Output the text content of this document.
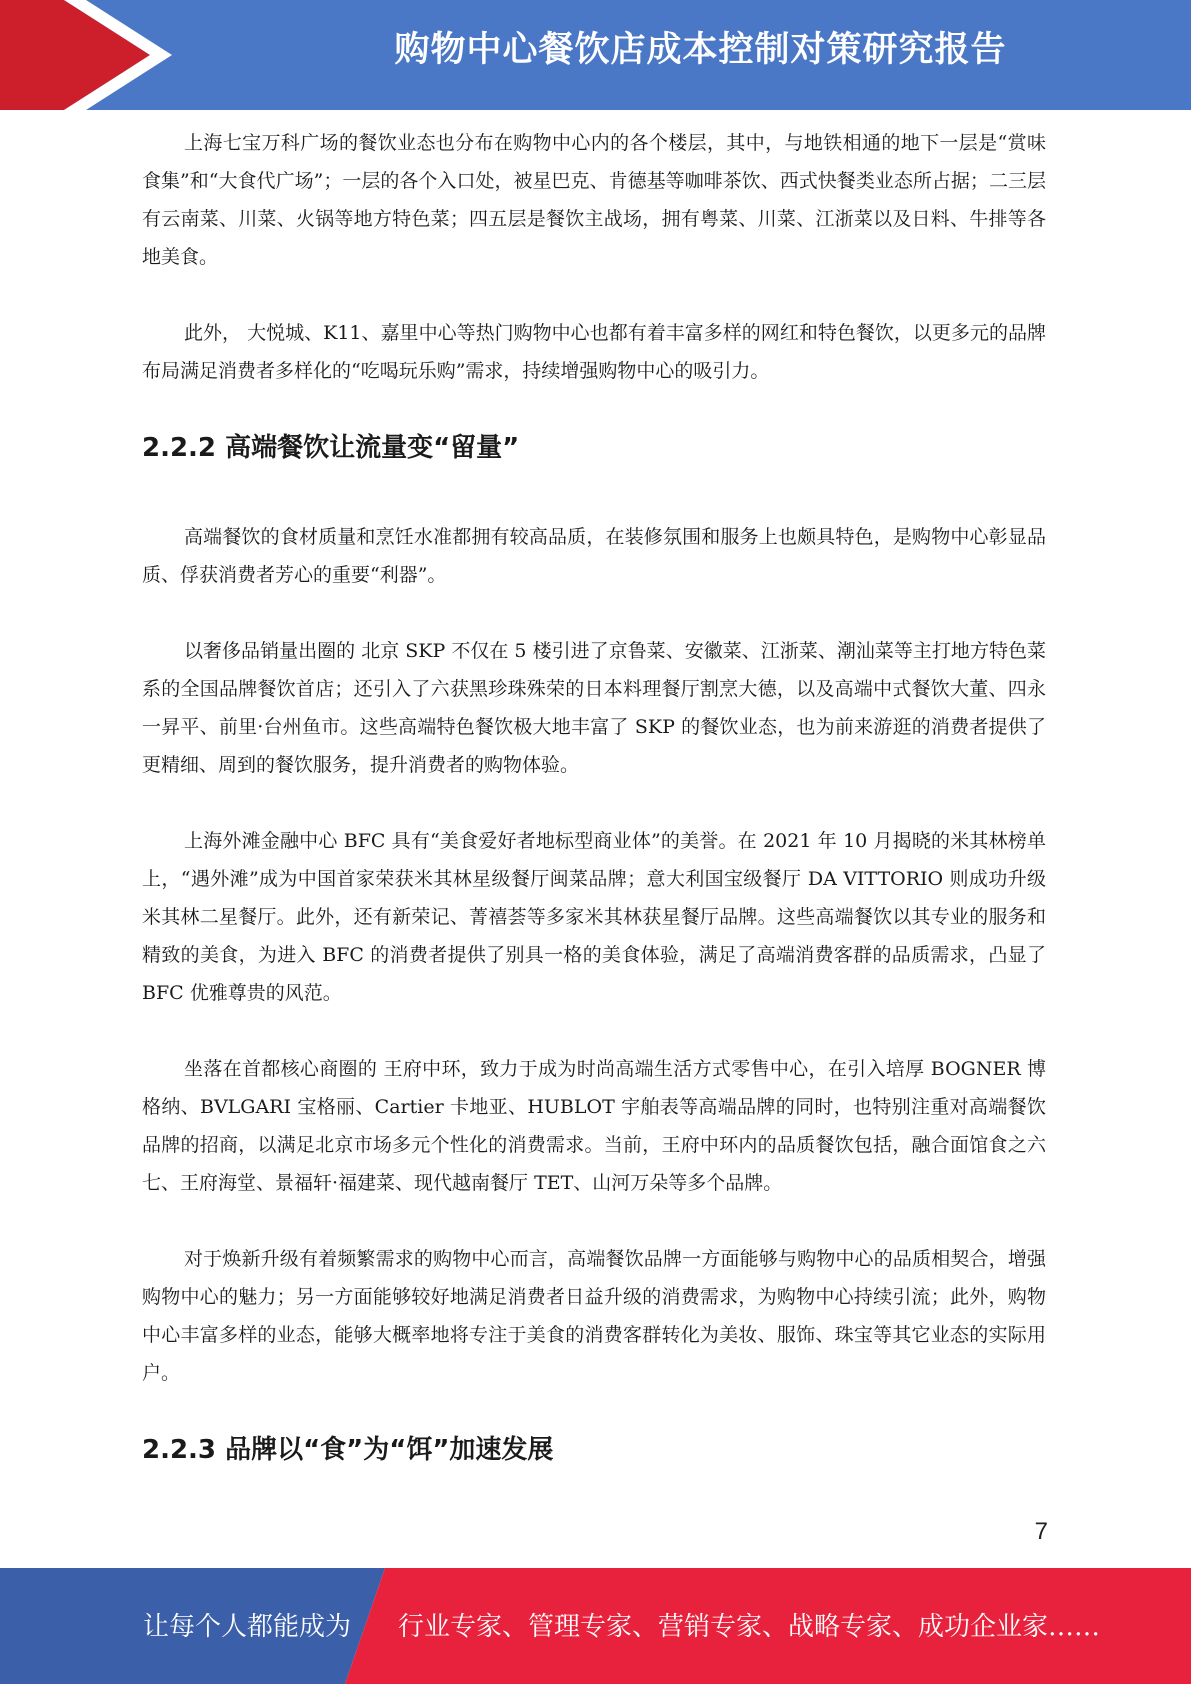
购物中心餐饮店成本控制对策研究报告

上海七宝万科广场的餐饮业态也分布在购物中心内的各个楼层，其中，与地铁相通的地下一层是“赏味食集”和“大食代广场”；一层的各个入口处，被星巴克、肯德基等咖啡茶饮、西式快餐类业态所占据；二三层有云南菜、川菜、火锅等地方特色菜；四五层是餐饮主战场，拥有粤菜、川菜、江浙菜以及日料、牛排等各地美食。

此外， 大悦城、K11、嘉里中心等热门购物中心也都有着丰富多样的网红和特色餐饮，以更多元的品牌布局满足消费者多样化的“吃喝玩乐购”需求，持续增强购物中心的吸引力。

2.2.2 高端餐饮让流量变“留量”

高端餐饮的食材质量和烹饪水准都拥有较高品质，在装修氛围和服务上也颇具特色，是购物中心彰显品质、俘获消费者芳心的重要“利器”。

以奢侈品销量出圈的 北京 SKP 不仅在 5 楼引进了京鲁菜、安徽菜、江浙菜、潮汕菜等主打地方特色菜系的全国品牌餐饮首店；还引入了六获黑珍珠殊荣的日本料理餐厅割烹大德，以及高端中式餐饮大董、四永一昇平、前里·台州鱼市。这些高端特色餐饮极大地丰富了 SKP 的餐饮业态，也为前来游逛的消费者提供了更精细、周到的餐饮服务，提升消费者的购物体验。

上海外滩金融中心 BFC 具有“美食爱好者地标型商业体”的美誉。在 2021 年 10 月揭晓的米其林榜单上，“遇外滩”成为中国首家荣获米其林星级餐厅闽菜品牌；意大利国宝级餐厅 DA VITTORIO 则成功升级米其林二星餐厅。此外，还有新荣记、菁禧荟等多家米其林获星餐厅品牌。这些高端餐饮以其专业的服务和精致的美食，为进入 BFC 的消费者提供了别具一格的美食体验，满足了高端消费客群的品质需求，凸显了 BFC 优雅尊贵的风范。

坐落在首都核心商圈的 王府中环，致力于成为时尚高端生活方式零售中心，在引入培厚 BOGNER 博格纳、BVLGARI 宝格丽、Cartier 卡地亚、HUBLOT 宇舶表等高端品牌的同时，也特别注重对高端餐饮品牌的招商，以满足北京市场多元个性化的消费需求。当前，王府中环内的品质餐饮包括，融合面馆食之六七、王府海堂、景福轩·福建菜、现代越南餐厅 TET、山河万朵等多个品牌。

对于焕新升级有着频繁需求的购物中心而言，高端餐饮品牌一方面能够与购物中心的品质相契合，增强购物中心的魅力；另一方面能够较好地满足消费者日益升级的消费需求，为购物中心持续引流；此外，购物中心丰富多样的业态，能够大概率地将专注于美食的消费客群转化为美妆、服饰、珠宝等其它业态的实际用户。

2.2.3 品牌以“食”为“饵”加速发展
7
让每个人都能成为 行业专家、管理专家、营销专家、战略专家、成功企业家……
